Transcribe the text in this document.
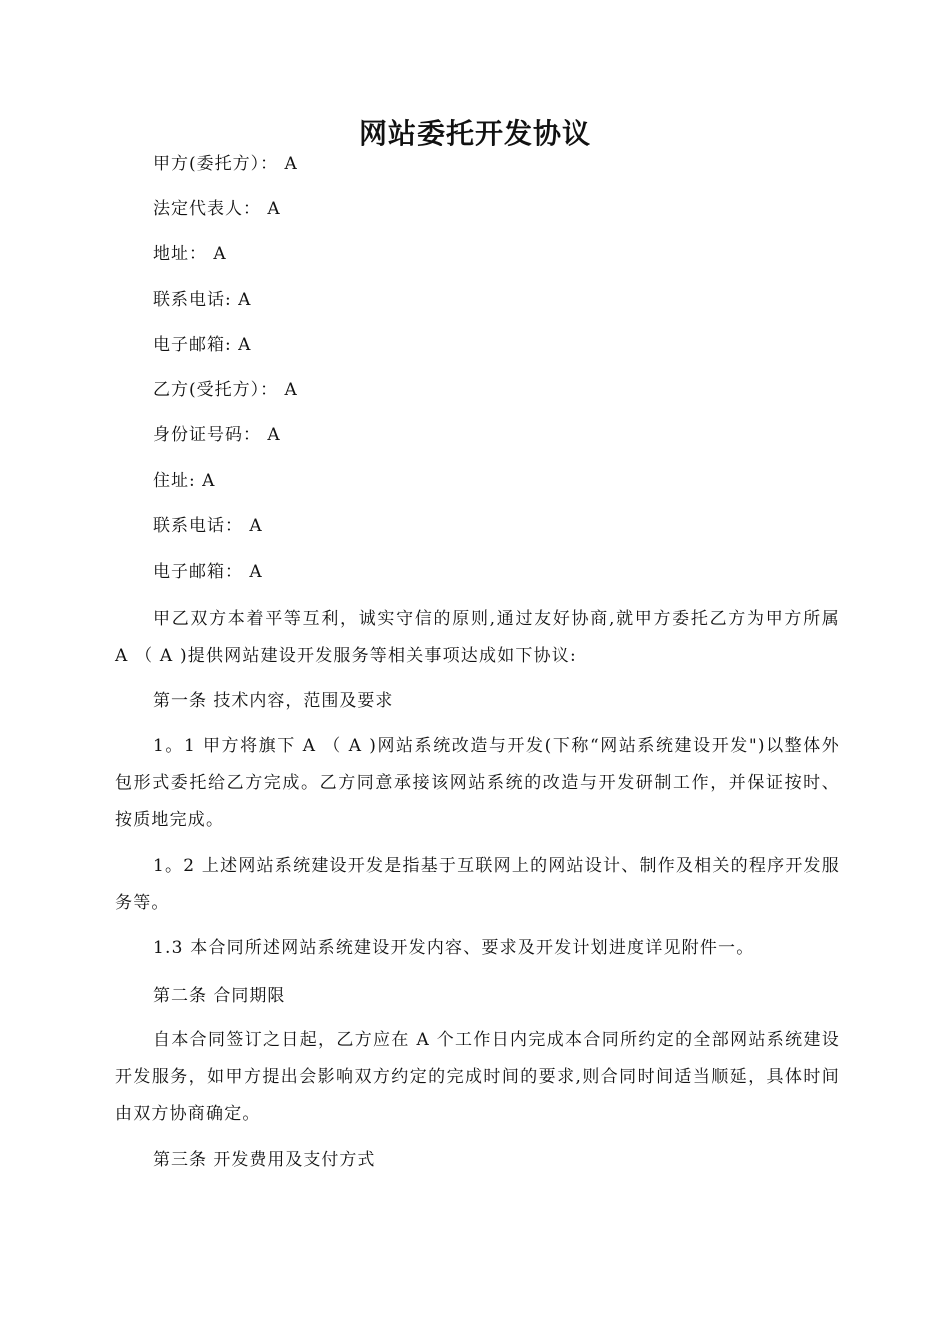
网站委托开发协议
甲方(委托方）： A
法定代表人： A
地址： A
联系电话: A
电子邮箱: A
乙方(受托方）： A
身份证号码： A
住址: A
联系电话： A
电子邮箱： A
甲乙双方本着平等互利，诚实守信的原则,通过友好协商,就甲方委托乙方为甲方所属 A （ A )提供网站建设开发服务等相关事项达成如下协议:
第一条 技术内容，范围及要求
1。1 甲方将旗下 A （ A )网站系统改造与开发(下称“网站系统建设开发")以整体外包形式委托给乙方完成。乙方同意承接该网站系统的改造与开发研制工作，并保证按时、按质地完成。
1。2 上述网站系统建设开发是指基于互联网上的网站设计、制作及相关的程序开发服务等。
1.3 本合同所述网站系统建设开发内容、要求及开发计划进度详见附件一。
第二条 合同期限
自本合同签订之日起，乙方应在 A 个工作日内完成本合同所约定的全部网站系统建设开发服务，如甲方提出会影响双方约定的完成时间的要求,则合同时间适当顺延，具体时间由双方协商确定。
第三条 开发费用及支付方式
